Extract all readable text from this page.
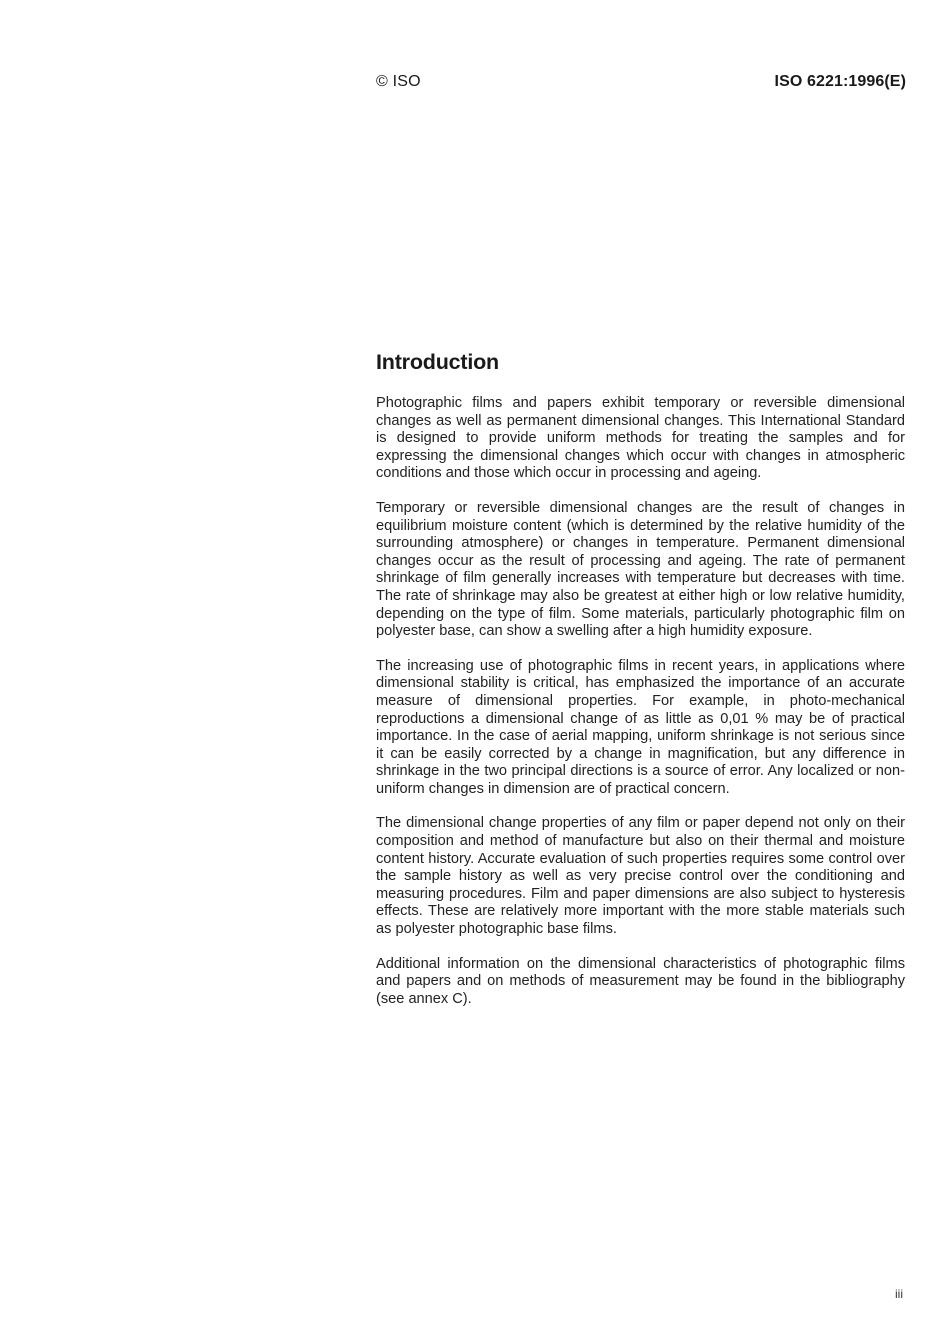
© ISO	ISO 6221:1996(E)
Introduction

Photographic films and papers exhibit temporary or reversible dimensional changes as well as permanent dimensional changes. This International Standard is designed to provide uniform methods for treating the samples and for expressing the dimensional changes which occur with changes in atmospheric conditions and those which occur in processing and ageing.

Temporary or reversible dimensional changes are the result of changes in equilibrium moisture content (which is determined by the relative humidity of the surrounding atmosphere) or changes in temperature. Permanent dimensional changes occur as the result of processing and ageing. The rate of permanent shrinkage of film generally increases with temperature but decreases with time. The rate of shrinkage may also be greatest at either high or low relative humidity, depending on the type of film. Some materials, particularly photographic film on polyester base, can show a swelling after a high humidity exposure.

The increasing use of photographic films in recent years, in applications where dimensional stability is critical, has emphasized the importance of an accurate measure of dimensional properties. For example, in photo-mechanical reproductions a dimensional change of as little as 0,01 % may be of practical importance. In the case of aerial mapping, uniform shrinkage is not serious since it can be easily corrected by a change in magnification, but any difference in shrinkage in the two principal directions is a source of error. Any localized or non-uniform changes in dimension are of practical concern.

The dimensional change properties of any film or paper depend not only on their composition and method of manufacture but also on their thermal and moisture content history. Accurate evaluation of such properties requires some control over the sample history as well as very precise control over the conditioning and measuring procedures. Film and paper dimensions are also subject to hysteresis effects. These are relatively more important with the more stable materials such as polyester photographic base films.

Additional information on the dimensional characteristics of photographic films and papers and on methods of measurement may be found in the bibliography (see annex C).

iii
